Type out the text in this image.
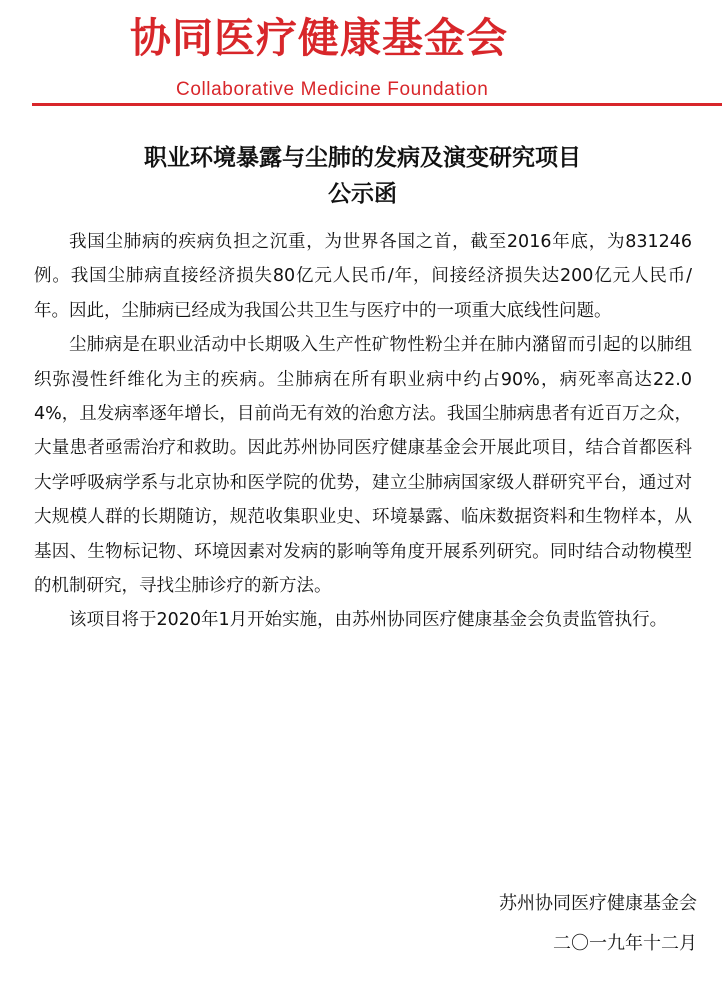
协同医疗健康基金会
Collaborative Medicine Foundation
职业环境暴露与尘肺的发病及演变研究项目
公示函

我国尘肺病的疾病负担之沉重，为世界各国之首，截至2016年底，为831246例。我国尘肺病直接经济损失80亿元人民币/年，间接经济损失达200亿元人民币/年。因此，尘肺病已经成为我国公共卫生与医疗中的一项重大底线性问题。

尘肺病是在职业活动中长期吸入生产性矿物性粉尘并在肺内潴留而引起的以肺组织弥漫性纤维化为主的疾病。尘肺病在所有职业病中约占90%，病死率高达22.04%，且发病率逐年增长，目前尚无有效的治愈方法。我国尘肺病患者有近百万之众，大量患者亟需治疗和救助。因此苏州协同医疗健康基金会开展此项目，结合首都医科大学呼吸病学系与北京协和医学院的优势，建立尘肺病国家级人群研究平台，通过对大规模人群的长期随访，规范收集职业史、环境暴露、临床数据资料和生物样本，从基因、生物标记物、环境因素对发病的影响等角度开展系列研究。同时结合动物模型的机制研究，寻找尘肺诊疗的新方法。

该项目将于2020年1月开始实施，由苏州协同医疗健康基金会负责监管执行。

苏州协同医疗健康基金会
二〇一九年十二月
